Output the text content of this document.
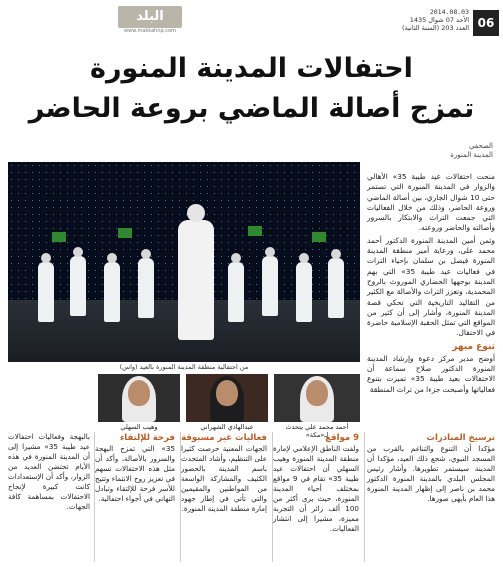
البلد
www.makkahnp.com
2014.08.03
الأحد 07 شوال 1435
العدد 203 (السنة الثانية) 06
احتفالات المدينة المنورة
تمزج أصالة الماضي بروعة الحاضر
الصحفي
المدينة المنورة
من احتفالية منطقة المدينة المنورة بالعيد (واس)

منحت احتفالات عيد طيبة 35» الأهالي والزوار في المدينة المنورة التي تستمر حتى 10 شوال الجاري، بين أصالة الماضي وروعة الحاضر، وذلك من خلال الفعاليات التي جمعت التراث والابتكار بالسرور وأصالته والحاضر وروعته.

وثمن أمين المدينة المنورة الدكتور أحمد محمد على، ورعاية أمير منطقة المدينة المنورة فيصل بن سلمان بإحياء الترات في فعاليات عيد طيبة 35» التي بهم المدينة بوجهها الحضاري الموروث بالروح المحمدية، وتعزز التراث والأصالة مع الكثير من التقاليد التاريخية التي تحكي قصة المدينة المنورة، وأشار إلى أن كثير من المواقع التي تمثل الحقبة الإسلامية حاضرة في الاحتفال.

تنوع مبهر

أوضح مدير مركز دعوة وإرشاد المدينة المنورة الدكتور صلاح سماعة أن الاحتفالات بعيد طيبة 35» تميزت بتنوع فعالياتها وأصبحت جزءا من تراث المنطقة

أحمد محمد علي يتحدث لـ«مكة»
عبدالهادي الشهراني
وهيب السهلي
ترسيخ المبادرات
مؤكدا أن التنوع والتناغم بالقرب من المسجد النبوي، شجع ذلك العيد، مؤكدا أن المدينة سيستمر تطويرها. وأشار رئيس المجلس البلدي بالمدينة المنورة الدكتور محمد بن ناصر إلى إظهار المدينة المنورة هذا العام بأبهى صورها.
9 مواقع
ولفت الناطق الإعلامي لإمارة منطقة المدينة المنورة وهيب السهلي أن احتفالات عيد طيبة 35» تقام في 9 مواقع بمختلف أحياء المدينة المنورة، حيث يرى أكثر من 100 ألف زائر أن التجربة مميزة، مشيرا إلى انتشار الفعاليات.
فعاليات غير مسبوقة
الجهات المعنية حرصت كثيرا على التنظيم، وأشاد المتحدث باسم المدينة بالحضور الكثيف والمشاركة الواسعة من المواطنين والمقيمين والتي تأتي في إطار جهود إمارة منطقة المدينة المنورة.
فرحة للإلتقاء
35» التي تمزج البهجة والسرور بالأصالة، وأكد أن مثل هذه الاحتفالات تسهم في تعزيز روح الانتماء وتتيح للأسر فرحة للإلتقاء وتبادل التهاني في أجواء احتفالية.
بالبهجة وفعاليات احتفالات عيد طيبة 35» مشيرا إلى أن المدينة المنورة في هذه الأيام تحتضن العديد من الزوار، وأكد أن الإستعدادات كانت كبيرة لإنجاح الاحتفالات بمساهمة كافة الجهات.
